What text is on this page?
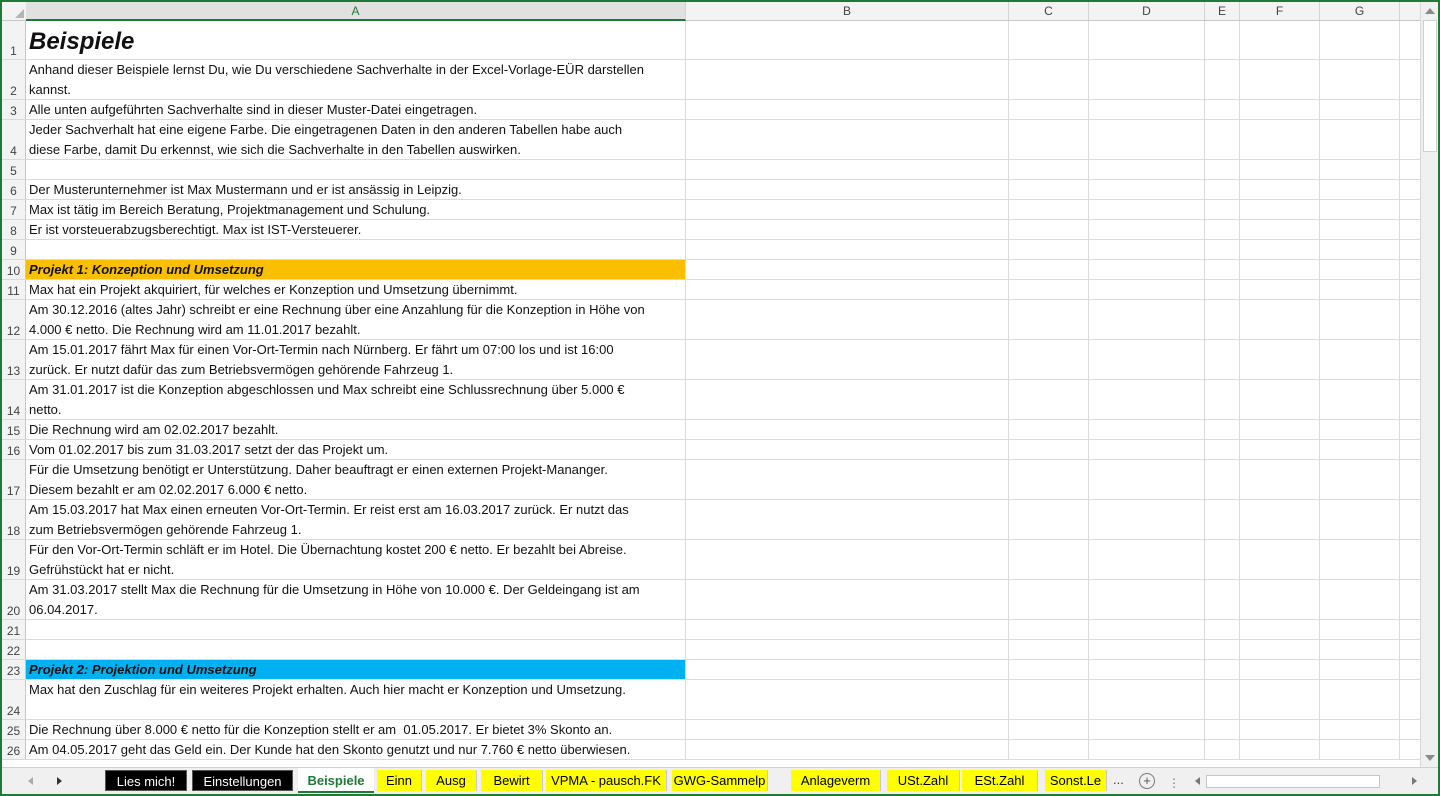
A	B	C	D	E	F	G
1 Beispiele
2
Anhand dieser Beispiele lernst Du, wie Du verschiedene Sachverhalte in der Excel-Vorlage-EÜR darstellen
kannst.
3 Alle unten aufgeführten Sachverhalte sind in dieser Muster-Datei eingetragen.
4
Jeder Sachverhalt hat eine eigene Farbe. Die eingetragenen Daten in den anderen Tabellen habe auch
diese Farbe, damit Du erkennst, wie sich die Sachverhalte in den Tabellen auswirken.
5
6 Der Musterunternehmer ist Max Mustermann und er ist ansässig in Leipzig.
7 Max ist tätig im Bereich Beratung, Projektmanagement und Schulung.
8 Er ist vorsteuerabzugsberechtigt. Max ist IST-Versteuerer.
9
10 Projekt 1: Konzeption und Umsetzung
11 Max hat ein Projekt akquiriert, für welches er Konzeption und Umsetzung übernimmt.
12
Am 30.12.2016 (altes Jahr) schreibt er eine Rechnung über eine Anzahlung für die Konzeption in Höhe von
4.000 € netto. Die Rechnung wird am 11.01.2017 bezahlt.
13
Am 15.01.2017 fährt Max für einen Vor-Ort-Termin nach Nürnberg. Er fährt um 07:00 los und ist 16:00
zurück. Er nutzt dafür das zum Betriebsvermögen gehörende Fahrzeug 1.
14
Am 31.01.2017 ist die Konzeption abgeschlossen und Max schreibt eine Schlussrechnung über 5.000 €
netto.
15 Die Rechnung wird am 02.02.2017 bezahlt.
16 Vom 01.02.2017 bis zum 31.03.2017 setzt der das Projekt um.
17
Für die Umsetzung benötigt er Unterstützung. Daher beauftragt er einen externen Projekt-Mananger.
Diesem bezahlt er am 02.02.2017 6.000 € netto.
18
Am 15.03.2017 hat Max einen erneuten Vor-Ort-Termin. Er reist erst am 16.03.2017 zurück. Er nutzt das
zum Betriebsvermögen gehörende Fahrzeug 1.
19
Für den Vor-Ort-Termin schläft er im Hotel. Die Übernachtung kostet 200 € netto. Er bezahlt bei Abreise.
Gefrühstückt hat er nicht.
20
Am 31.03.2017 stellt Max die Rechnung für die Umsetzung in Höhe von 10.000 €. Der Geldeingang ist am
06.04.2017.
21
22
23 Projekt 2: Projektion und Umsetzung
24
Max hat den Zuschlag für ein weiteres Projekt erhalten. Auch hier macht er Konzeption und Umsetzung.
25 Die Rechnung über 8.000 € netto für die Konzeption stellt er am  01.05.2017. Er bietet 3% Skonto an.
26 Am 04.05.2017 geht das Geld ein. Der Kunde hat den Skonto genutzt und nur 7.760 € netto überwiesen.
Lies mich!	Einstellungen	Beispiele	Einn	Ausg	Bewirt	VPMA - pausch.FK GWG-Sammelp	Anlageverm	USt.Zahl	ESt.Zahl	Sonst.Le ...	+	⋮
